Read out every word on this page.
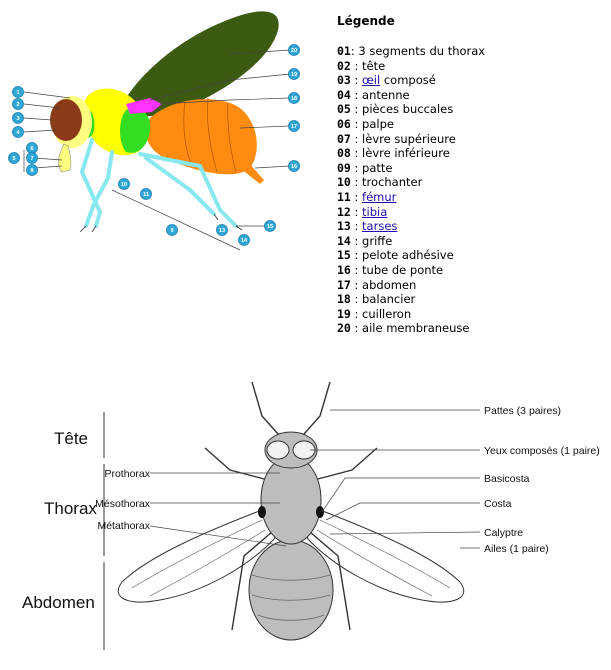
1
2
3
4
5
6
7
8
9
10
11
13
14
15
16
17
18
19
20
Légende
01: 3 segments du thorax
02 : tête
03 : œil composé
04 : antenne
05 : pièces buccales
06 : palpe
07 : lèvre supérieure
08 : lèvre inférieure
09 : patte
10 : trochanter
11 : fémur
12 : tibia
13 : tarses
14 : griffe
15 : pelote adhésive
16 : tube de ponte
17 : abdomen
18 : balancier
19 : cuilleron
20 : aile membraneuse
Tête
Thorax
Abdomen
Prothorax
Mésothorax
Métathorax
Pattes (3 paires)
Yeux composés (1 paire)
Basicosta
Costa
Calyptre
Ailes (1 paire)
